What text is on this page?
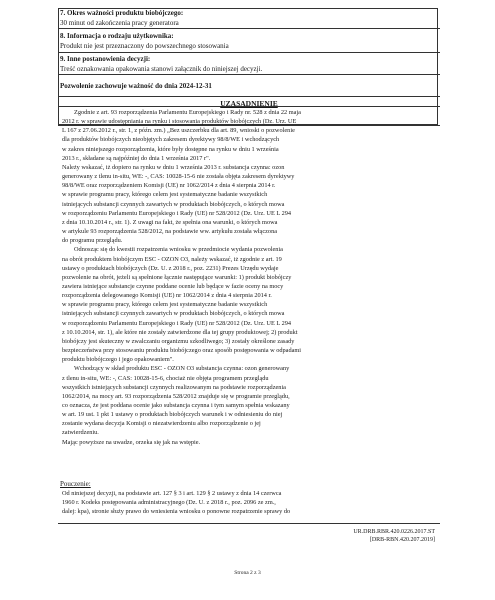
7. Okres ważności produktu biobójczego:
30 minut od zakończenia pracy generatora
8. Informacja o rodzaju użytkownika:
Produkt nie jest przeznaczony do powszechnego stosowania
9. Inne postanowienia decyzji:
Treść oznakowania opakowania stanowi załącznik do niniejszej decyzji.
Pozwolenie zachowuje ważność do dnia 2024-12-31
UZASADNIENIE
Zgodnie z art. 93 rozporządzenia Parlamentu Europejskiego i Rady nr. 528 z dnia 22 maja
2012 r. w sprawie udostępniania na rynku i stosowania produktów biobójczych (Dz. Urz. UE
L 167 z 27.06.2012 r., str. 1, z późn. zm.) „Bez uszczerbku dla art. 89, wnioski o pozwolenie
dla produktów biobójczych nieobjętych zakresem dyrektywy 98/8/WE i wchodzących
w zakres niniejszego rozporządzenia, które były dostępne na rynku w dniu 1 września
2013 r., składane są najpóźniej do dnia 1 września 2017 r".
Należy wskazać, iż dopiero na rynku w dniu 1 września 2013 r. substancja czynna: ozon
generowany z tlenu in-situ, WE: -, CAS: 10028-15-6 nie została objęta zakresem dyrektywy
98/8/WE oraz rozporządzeniem Komisji (UE) nr 1062/2014 z dnia 4 sierpnia 2014 r.
w sprawie programu pracy, którego celem jest systematyczne badanie wszystkich
istniejących substancji czynnych zawartych w produktach biobójczych, o których mowa
w rozporządzeniu Parlamentu Europejskiego i Rady (UE) nr 528/2012 (Dz. Urz. UE L 294
z dnia 10.10.2014 r., str. 1). Z uwagi na fakt, że spełnia ona warunki, o których mowa
w artykule 93 rozporządzenia 528/2012, na podstawie ww. artykułu została włączona
do programu przeglądu.
Odnosząc się do kwestii rozpatrzenia wniosku w przedmiocie wydania pozwolenia
na obrót produktem biobójczym ESC - OZON O3, należy wskazać, iż zgodnie z art. 19
ustawy o produktach biobójczych (Dz. U. z 2018 r., poz. 2231) Prezes Urzędu wydaje
pozwolenie na obrót, jeżeli są spełnione łącznie następujące warunki: 1) produkt biobójczy
zawiera istniejące substancje czynne poddane ocenie lub będące w fazie oceny na mocy
rozporządzenia delegowanego Komisji (UE) nr 1062/2014 z dnia 4 sierpnia 2014 r.
w sprawie programu pracy, którego celem jest systematyczne badanie wszystkich
istniejących substancji czynnych zawartych w produktach biobójczych, o których mowa
w rozporządzeniu Parlamentu Europejskiego i Rady (UE) nr 528/2012 (Dz. Urz. UE L 294
z 10.10.2014, str. 1), ale które nie zostały zatwierdzone dla tej grupy produktowej; 2) produkt
biobójczy jest skuteczny w zwalczaniu organizmu szkodliwego; 3) zostały określone zasady
bezpieczeństwa przy stosowaniu produktu biobójczego oraz sposób postępowania w odpadami
produktu biobójczego i jego opakowaniem".
Wchodzący w skład produktu ESC - OZON O3 substancja czynna: ozon generowany
z tlenu in-situ, WE: -, CAS: 10028-15-6, chociaż nie objęta programem przeglądu
wszystkich istniejących substancji czynnych realizowanym na podstawie rozporządzenia
1062/2014, na mocy art. 93 rozporządzenia 528/2012 znajduje się w programie przeglądu,
co oznacza, że jest poddana ocenie jako substancja czynna i tym samym spełnia wskazany
w art. 19 ust. 1 pkt 1 ustawy o produktach biobójczych warunek i w odniesieniu do niej
zostanie wydana decyzja Komisji o niezatwierdzeniu albo rozporządzenie o jej
zatwierdzeniu.
Mając powyższe na uwadze, orzeka się jak na wstępie.
Pouczenie:
Od niniejszej decyzji, na podstawie art. 127 § 3 i art. 129 § 2 ustawy z dnia 14 czerwca
1960 r. Kodeks postępowania administracyjnego (Dz. U. z 2018 r., poz. 2096 ze zm.,
dalej: kpa), stronie służy prawo do wniesienia wniosku o ponowne rozpatrzenie sprawy do
UR.DRB.RBR.420.0226.2017.ST
[DRB-RBN.420.207.2019]
Strona 2 z 3
